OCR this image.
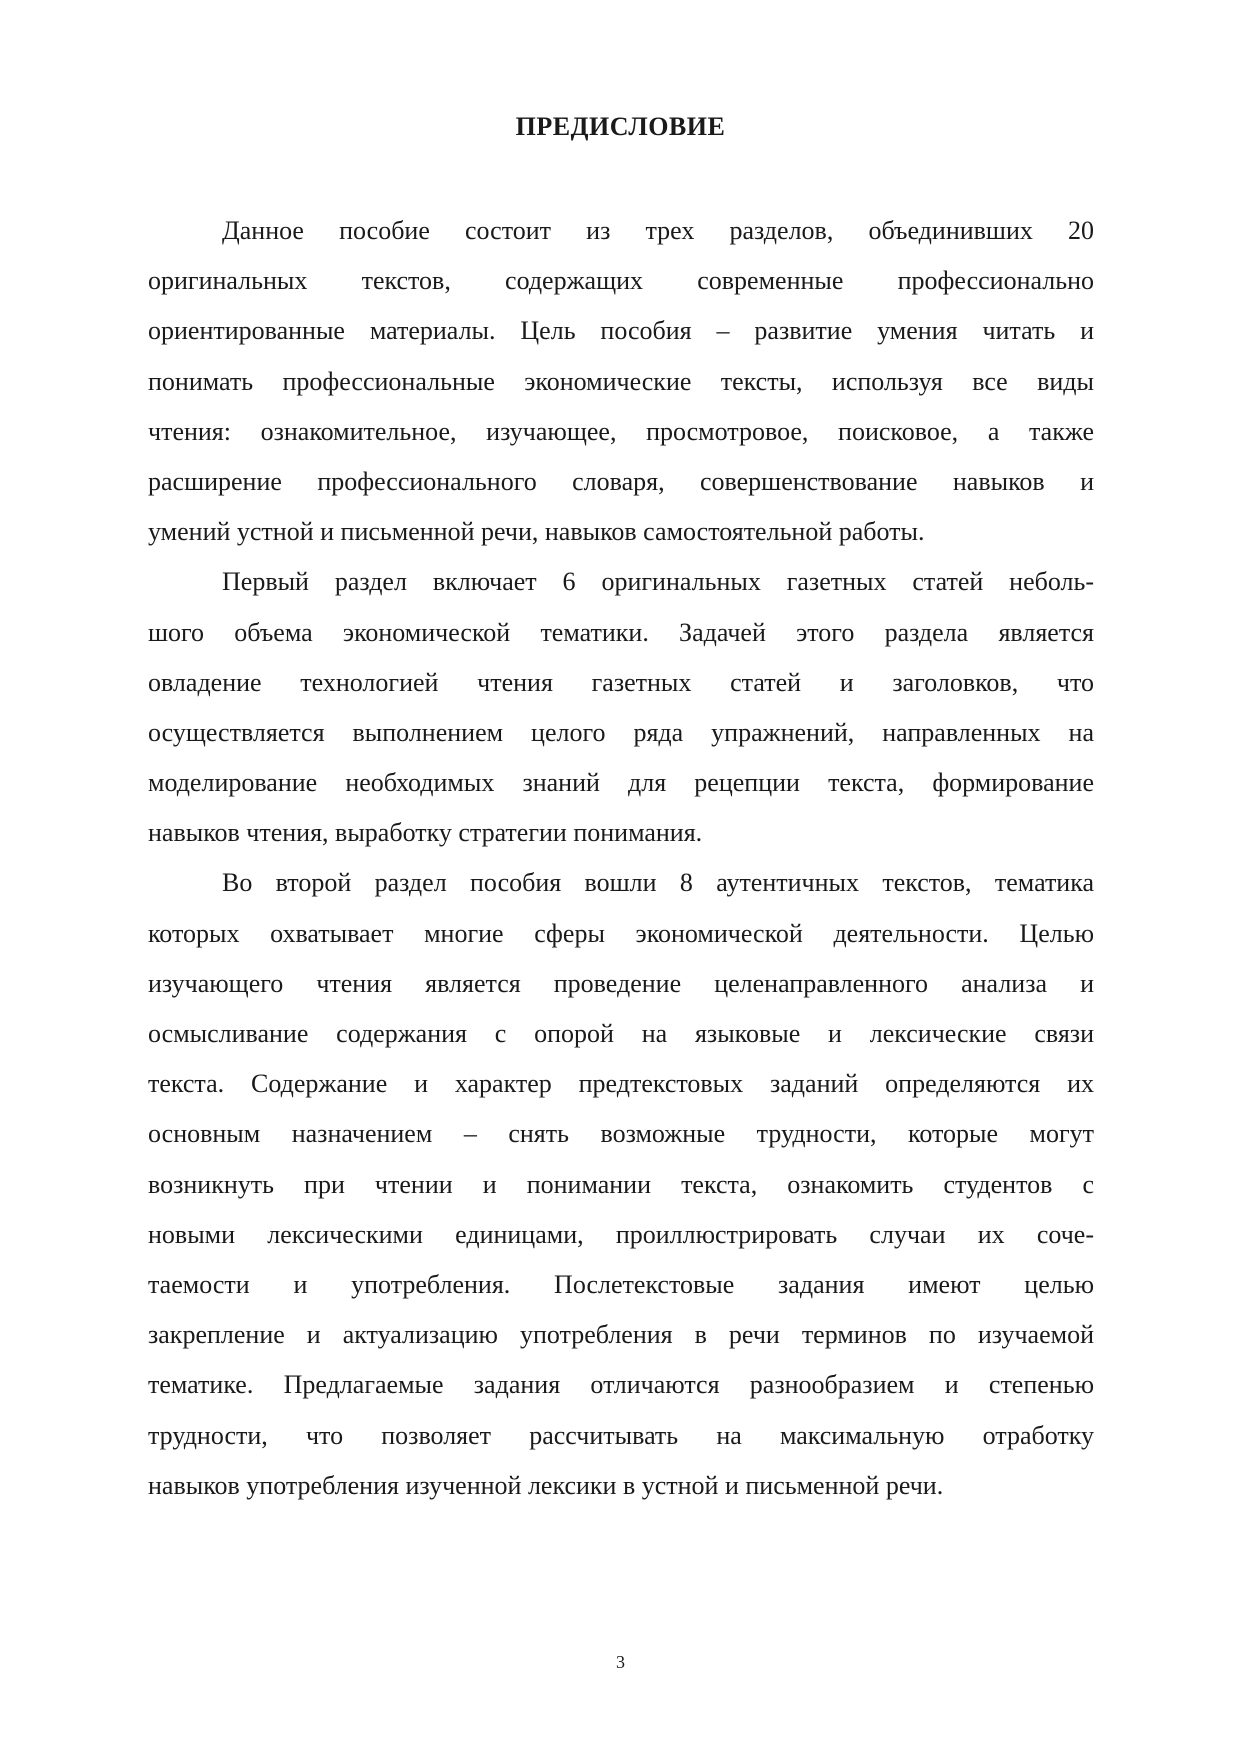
ПРЕДИСЛОВИЕ
Данное пособие состоит из трех разделов, объединивших 20
оригинальных текстов, содержащих современные профессионально
ориентированные материалы. Цель пособия – развитие умения читать и
понимать профессиональные экономические тексты, используя все виды
чтения: ознакомительное, изучающее, просмотровое, поисковое, а также
расширение профессионального словаря, совершенствование навыков и
умений устной и письменной речи, навыков самостоятельной работы.
Первый раздел включает 6 оригинальных газетных статей неболь-
шого объема экономической тематики. Задачей этого раздела является
овладение технологией чтения газетных статей и заголовков, что
осуществляется выполнением целого ряда упражнений, направленных на
моделирование необходимых знаний для рецепции текста, формирование
навыков чтения, выработку стратегии понимания.
Во второй раздел пособия вошли 8 аутентичных текстов, тематика
которых охватывает многие сферы экономической деятельности. Целью
изучающего чтения является проведение целенаправленного анализа и
осмысливание содержания с опорой на языковые и лексические связи
текста. Содержание и характер предтекстовых заданий определяются их
основным назначением – снять возможные трудности, которые могут
возникнуть при чтении и понимании текста, ознакомить студентов с
новыми лексическими единицами, проиллюстрировать случаи их соче-
таемости и употребления. Послетекстовые задания имеют целью
закрепление и актуализацию употребления в речи терминов по изучаемой
тематике. Предлагаемые задания отличаются разнообразием и степенью
трудности, что позволяет рассчитывать на максимальную отработку
навыков употребления изученной лексики в устной и письменной речи.
3
